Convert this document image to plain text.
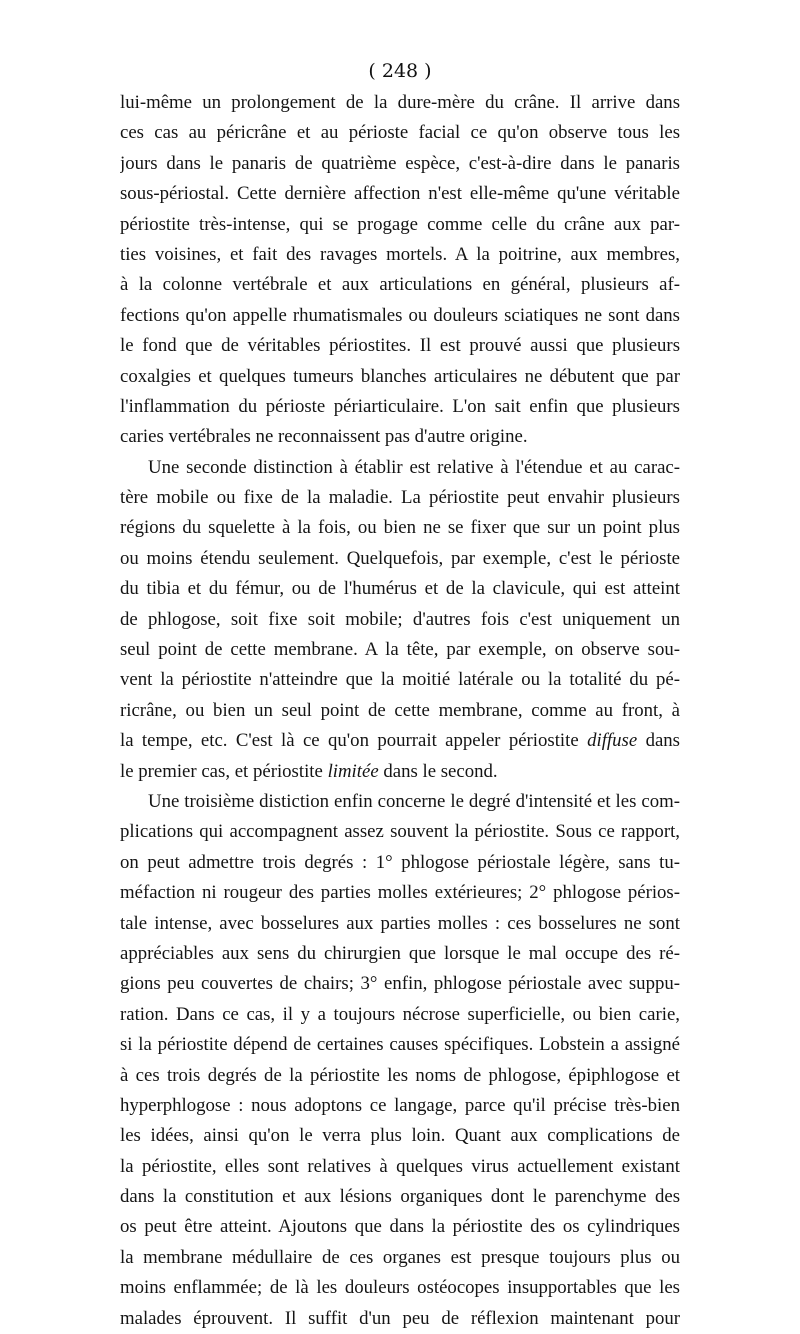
( 248 )
lui-même un prolongement de la dure-mère du crâne. Il arrive dans
ces cas au péricrâne et au périoste facial ce qu'on observe tous les
jours dans le panaris de quatrième espèce, c'est-à-dire dans le panaris
sous-périostal. Cette dernière affection n'est elle-même qu'une véritable
périostite très-intense, qui se progage comme celle du crâne aux par-
ties voisines, et fait des ravages mortels. A la poitrine, aux membres,
à la colonne vertébrale et aux articulations en général, plusieurs af-
fections qu'on appelle rhumatismales ou douleurs sciatiques ne sont dans
le fond que de véritables périostites. Il est prouvé aussi que plusieurs
coxalgies et quelques tumeurs blanches articulaires ne débutent que par
l'inflammation du périoste périarticulaire. L'on sait enfin que plusieurs
caries vertébrales ne reconnaissent pas d'autre origine.
Une seconde distinction à établir est relative à l'étendue et au carac-
tère mobile ou fixe de la maladie. La périostite peut envahir plusieurs
régions du squelette à la fois, ou bien ne se fixer que sur un point plus
ou moins étendu seulement. Quelquefois, par exemple, c'est le périoste
du tibia et du fémur, ou de l'humérus et de la clavicule, qui est atteint
de phlogose, soit fixe soit mobile; d'autres fois c'est uniquement un
seul point de cette membrane. A la tête, par exemple, on observe sou-
vent la périostite n'atteindre que la moitié latérale ou la totalité du pé-
ricrâne, ou bien un seul point de cette membrane, comme au front, à
la tempe, etc. C'est là ce qu'on pourrait appeler périostite diffuse dans
le premier cas, et périostite limitée dans le second.
Une troisième distiction enfin concerne le degré d'intensité et les com-
plications qui accompagnent assez souvent la périostite. Sous ce rapport,
on peut admettre trois degrés : 1° phlogose périostale légère, sans tu-
méfaction ni rougeur des parties molles extérieures; 2° phlogose périos-
tale intense, avec bosselures aux parties molles : ces bosselures ne sont
appréciables aux sens du chirurgien que lorsque le mal occupe des ré-
gions peu couvertes de chairs; 3° enfin, phlogose périostale avec suppu-
ration. Dans ce cas, il y a toujours nécrose superficielle, ou bien carie,
si la périostite dépend de certaines causes spécifiques. Lobstein a assigné
à ces trois degrés de la périostite les noms de phlogose, épiphlogose et
hyperphlogose : nous adoptons ce langage, parce qu'il précise très-bien
les idées, ainsi qu'on le verra plus loin. Quant aux complications de
la périostite, elles sont relatives à quelques virus actuellement existant
dans la constitution et aux lésions organiques dont le parenchyme des
os peut être atteint. Ajoutons que dans la périostite des os cylindriques
la membrane médullaire de ces organes est presque toujours plus ou
moins enflammée; de là les douleurs ostéocopes insupportables que les
malades éprouvent. Il suffit d'un peu de réflexion maintenant pour
